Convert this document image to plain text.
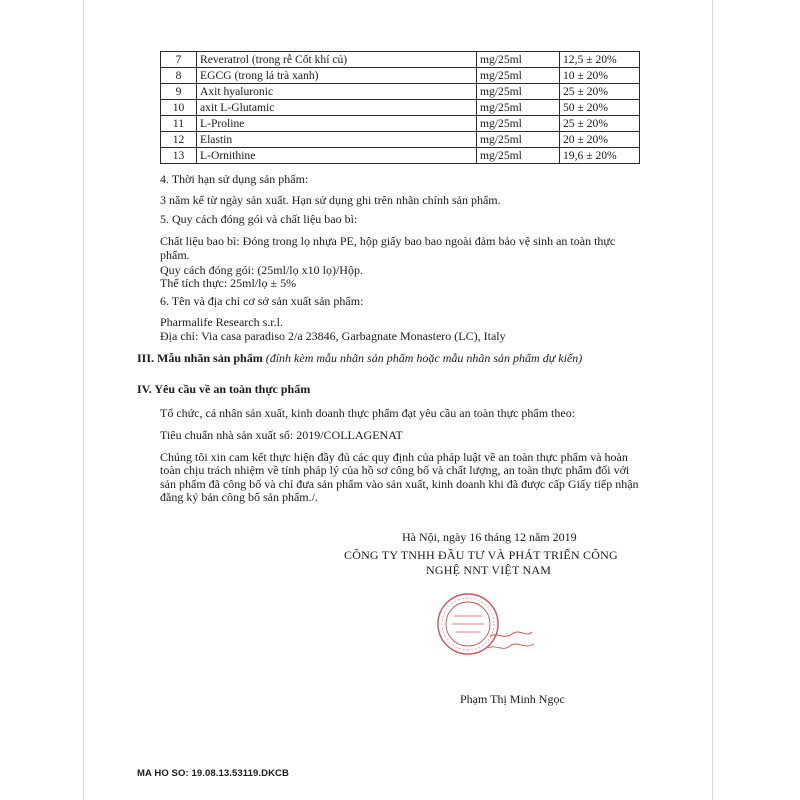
7	Reveratrol (trong rễ Cốt khí củ)	mg/25ml	12,5 ± 20%
8	EGCG (trong lá trà xanh)	mg/25ml	10 ± 20%
9	Axit hyaluronic	mg/25ml	25 ± 20%
10	axit L-Glutamic	mg/25ml	50 ± 20%
11	L-Proline	mg/25ml	25 ± 20%
12	Elastin	mg/25ml	20 ± 20%
13	L-Ornithine	mg/25ml	19,6 ± 20%
4. Thời hạn sử dụng sản phẩm:
3 năm kể từ ngày sản xuất. Hạn sử dụng ghi trên nhãn chính sản phẩm.
5. Quy cách đóng gói và chất liệu bao bì:
Chất liệu bao bì: Đóng trong lọ nhựa PE, hộp giấy bao bao ngoài đảm bảo vệ sinh an toàn thực phẩm.
Quy cách đóng gói: (25ml/lọ x10 lọ)/Hộp.
Thể tích thực: 25ml/lọ ± 5%
6. Tên và địa chỉ cơ sở sản xuất sản phẩm:
Pharmalife Research s.r.l.
Địa chỉ: Via casa paradiso 2/a 23846, Garbagnate Monastero (LC), Italy
III. Mẫu nhãn sản phẩm (đính kèm mẫu nhãn sản phẩm hoặc mẫu nhãn sản phẩm dự kiến)
IV. Yêu cầu về an toàn thực phẩm
Tổ chức, cá nhân sản xuất, kinh doanh thực phẩm đạt yêu cầu an toàn thực phẩm theo:
Tiêu chuẩn nhà sản xuất số: 2019/COLLAGENAT
Chúng tôi xin cam kết thực hiện đầy đủ các quy định của pháp luật về an toàn thực phẩm và hoàn toàn chịu trách nhiệm về tính pháp lý của hồ sơ công bố và chất lượng, an toàn thực phẩm đối với sản phẩm đã công bố và chỉ đưa sản phẩm vào sản xuất, kinh doanh khi đã được cấp Giấy tiếp nhận đăng ký bản công bố sản phẩm./.
Hà Nội, ngày 16 tháng 12 năm 2019
CÔNG TY TNHH ĐẦU TƯ VÀ PHÁT TRIỂN CÔNG
NGHỆ NNT VIỆT NAM
Phạm Thị Minh Ngọc
MA HO SO: 19.08.13.53119.DKCB
